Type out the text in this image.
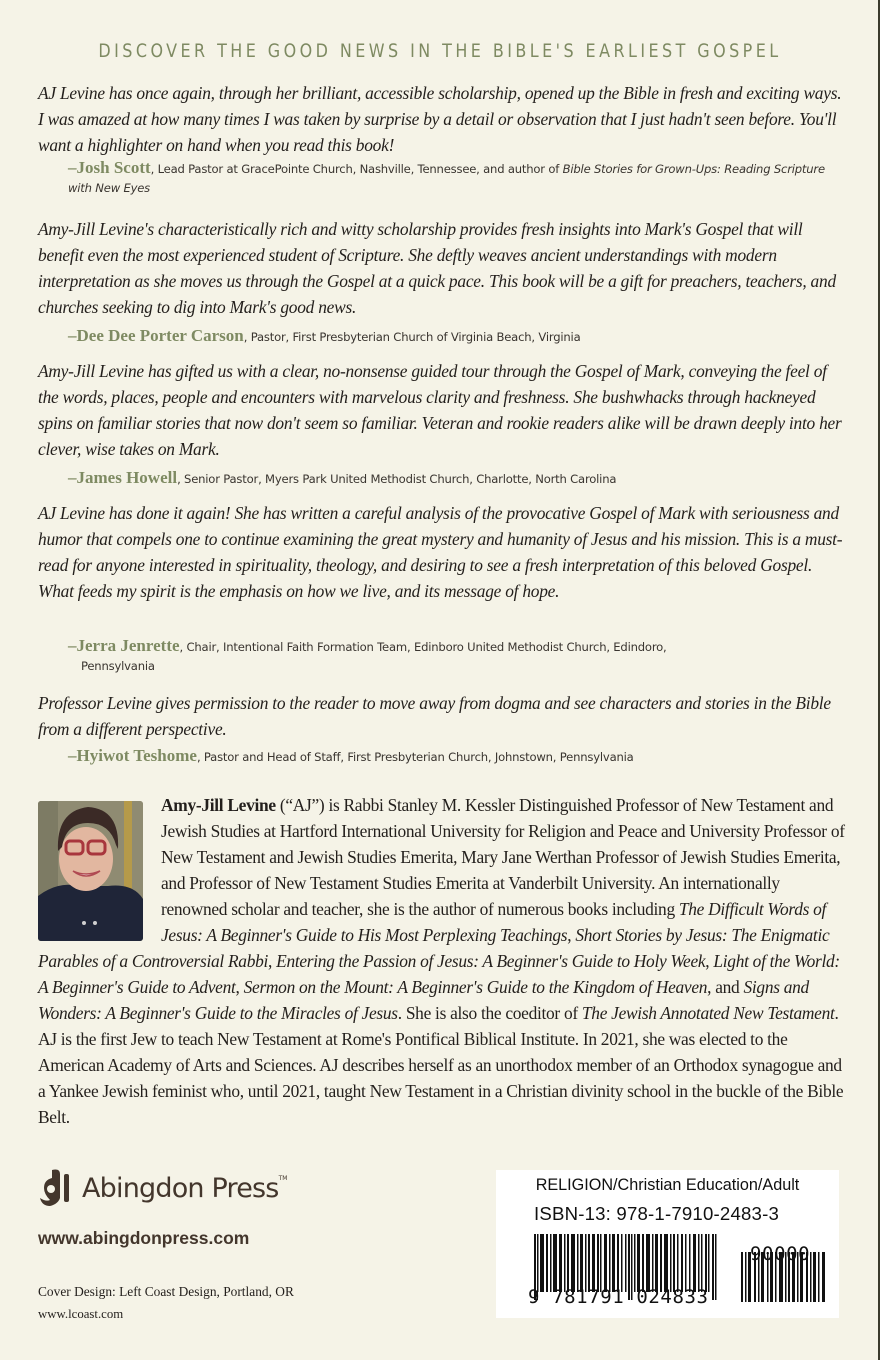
DISCOVER THE GOOD NEWS IN THE BIBLE'S EARLIEST GOSPEL
AJ Levine has once again, through her brilliant, accessible scholarship, opened up the Bible in fresh and exciting ways. I was amazed at how many times I was taken by surprise by a detail or observation that I just hadn't seen before. You'll want a highlighter on hand when you read this book!
–Josh Scott, Lead Pastor at GracePointe Church, Nashville, Tennessee, and author of Bible Stories for Grown-Ups: Reading Scripture with New Eyes
Amy-Jill Levine's characteristically rich and witty scholarship provides fresh insights into Mark's Gospel that will benefit even the most experienced student of Scripture. She deftly weaves ancient understandings with modern interpretation as she moves us through the Gospel at a quick pace. This book will be a gift for preachers, teachers, and churches seeking to dig into Mark's good news.
–Dee Dee Porter Carson, Pastor, First Presbyterian Church of Virginia Beach, Virginia
Amy-Jill Levine has gifted us with a clear, no-nonsense guided tour through the Gospel of Mark, conveying the feel of the words, places, people and encounters with marvelous clarity and freshness. She bushwhacks through hackneyed spins on familiar stories that now don't seem so familiar. Veteran and rookie readers alike will be drawn deeply into her clever, wise takes on Mark.
–James Howell, Senior Pastor, Myers Park United Methodist Church, Charlotte, North Carolina
AJ Levine has done it again! She has written a careful analysis of the provocative Gospel of Mark with seriousness and humor that compels one to continue examining the great mystery and humanity of Jesus and his mission. This is a must-read for anyone interested in spirituality, theology, and desiring to see a fresh interpretation of this beloved Gospel. What feeds my spirit is the emphasis on how we live, and its message of hope.
–Jerra Jenrette, Chair, Intentional Faith Formation Team, Edinboro United Methodist Church, Edindoro,
Pennsylvania
Professor Levine gives permission to the reader to move away from dogma and see characters and stories in the Bible from a different perspective.
–Hyiwot Teshome, Pastor and Head of Staff, First Presbyterian Church, Johnstown, Pennsylvania
Amy-Jill Levine (“AJ”) is Rabbi Stanley M. Kessler Distinguished Professor of New Testament and Jewish Studies at Hartford International University for Religion and Peace and University Professor of New Testament and Jewish Studies Emerita, Mary Jane Werthan Professor of Jewish Studies Emerita, and Professor of New Testament Studies Emerita at Vanderbilt University. An internationally renowned scholar and teacher, she is the author of numerous books including The Difficult Words of Jesus: A Beginner's Guide to His Most Perplexing Teachings, Short Stories by Jesus: The Enigmatic Parables of a Controversial Rabbi, Entering the Passion of Jesus: A Beginner's Guide to Holy Week, Light of the World: A Beginner's Guide to Advent, Sermon on the Mount: A Beginner's Guide to the Kingdom of Heaven, and Signs and Wonders: A Beginner's Guide to the Miracles of Jesus. She is also the coeditor of The Jewish Annotated New Testament. AJ is the first Jew to teach New Testament at Rome's Pontifical Biblical Institute. In 2021, she was elected to the American Academy of Arts and Sciences. AJ describes herself as an unorthodox member of an Orthodox synagogue and a Yankee Jewish feminist who, until 2021, taught New Testament in a Christian divinity school in the buckle of the Bible Belt.
Abingdon Press TM
www.abingdonpress.com
Cover Design: Left Coast Design, Portland, OR
www.lcoast.com
RELIGION/Christian Education/Adult
ISBN-13: 978-1-7910-2483-3
9 781791 024833
90000
